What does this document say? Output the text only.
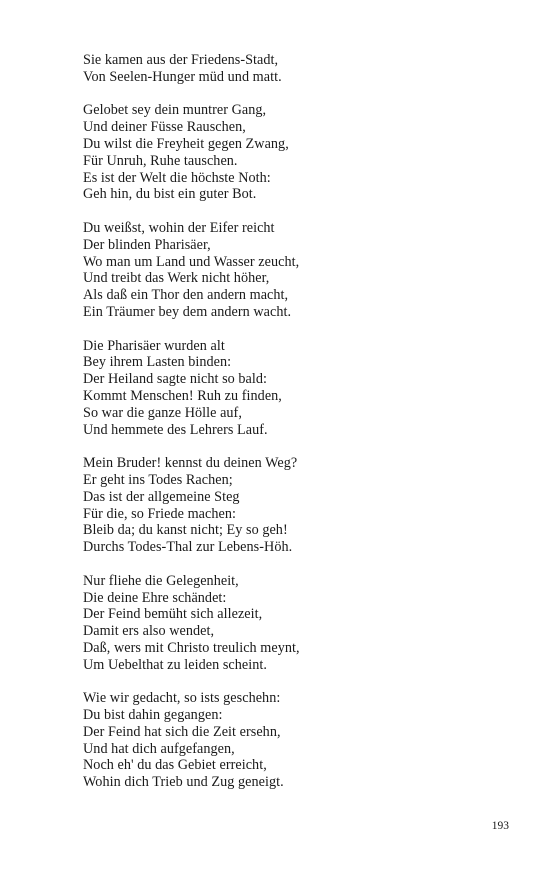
Sie kamen aus der Friedens-Stadt,
Von Seelen-Hunger müd und matt.
Gelobet sey dein muntrer Gang,
Und deiner Füsse Rauschen,
Du wilst die Freyheit gegen Zwang,
Für Unruh, Ruhe tauschen.
Es ist der Welt die höchste Noth:
Geh hin, du bist ein guter Bot.
Du weißst, wohin der Eifer reicht
Der blinden Pharisäer,
Wo man um Land und Wasser zeucht,
Und treibt das Werk nicht höher,
Als daß ein Thor den andern macht,
Ein Träumer bey dem andern wacht.
Die Pharisäer wurden alt
Bey ihrem Lasten binden:
Der Heiland sagte nicht so bald:
Kommt Menschen! Ruh zu finden,
So war die ganze Hölle auf,
Und hemmete des Lehrers Lauf.
Mein Bruder! kennst du deinen Weg?
Er geht ins Todes Rachen;
Das ist der allgemeine Steg
Für die, so Friede machen:
Bleib da; du kanst nicht; Ey so geh!
Durchs Todes-Thal zur Lebens-Höh.
Nur fliehe die Gelegenheit,
Die deine Ehre schändet:
Der Feind bemüht sich allezeit,
Damit ers also wendet,
Daß, wers mit Christo treulich meynt,
Um Uebelthat zu leiden scheint.
Wie wir gedacht, so ists geschehn:
Du bist dahin gegangen:
Der Feind hat sich die Zeit ersehn,
Und hat dich aufgefangen,
Noch eh' du das Gebiet erreicht,
Wohin dich Trieb und Zug geneigt.
193
